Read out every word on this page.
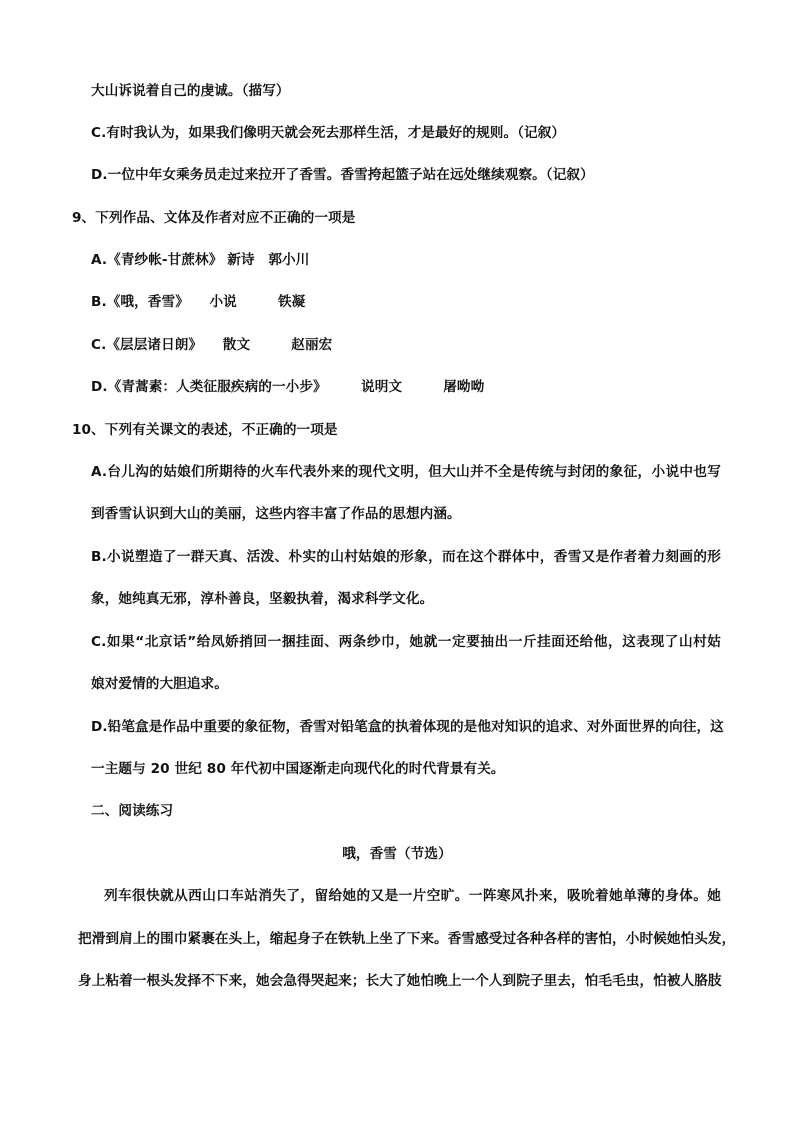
大山诉说着自己的虔诚。（描写）

C.有时我认为，如果我们像明天就会死去那样生活，才是最好的规则。（记叙）

D.一位中年女乘务员走过来拉开了香雪。香雪挎起篮子站在远处继续观察。（记叙）

9、下列作品、文体及作者对应不正确的一项是

A.《青纱帐-甘蔗林》 新诗　郭小川

B.《哦，香雪》　　小说　　　铁凝

C.《层层诸日朗》　　散文　　　赵丽宏

D.《青蒿素：人类征服疾病的一小步》　　　说明文　　　屠呦呦

10、下列有关课文的表述，不正确的一项是

A.台儿沟的姑娘们所期待的火车代表外来的现代文明，但大山并不全是传统与封闭的象征，小说中也写

到香雪认识到大山的美丽，这些内容丰富了作品的思想内涵。

B.小说塑造了一群天真、活泼、朴实的山村姑娘的形象，而在这个群体中，香雪又是作者着力刻画的形

象，她纯真无邪，淳朴善良，坚毅执着，渴求科学文化。

C.如果“北京话”给凤娇捎回一捆挂面、两条纱巾，她就一定要抽出一斤挂面还给他，这表现了山村姑

娘对爱情的大胆追求。

D.铅笔盒是作品中重要的象征物，香雪对铅笔盒的执着体现的是他对知识的追求、对外面世界的向往，这

一主题与 20 世纪 80 年代初中国逐渐走向现代化的时代背景有关。

二、阅读练习

哦，香雪（节选）

列车很快就从西山口车站消失了，留给她的又是一片空旷。一阵寒风扑来，吸吮着她单薄的身体。她

把滑到肩上的围巾紧裹在头上，缩起身子在铁轨上坐了下来。香雪感受过各种各样的害怕，小时候她怕头发，

身上粘着一根头发择不下来，她会急得哭起来；长大了她怕晚上一个人到院子里去，怕毛毛虫，怕被人胳肢
